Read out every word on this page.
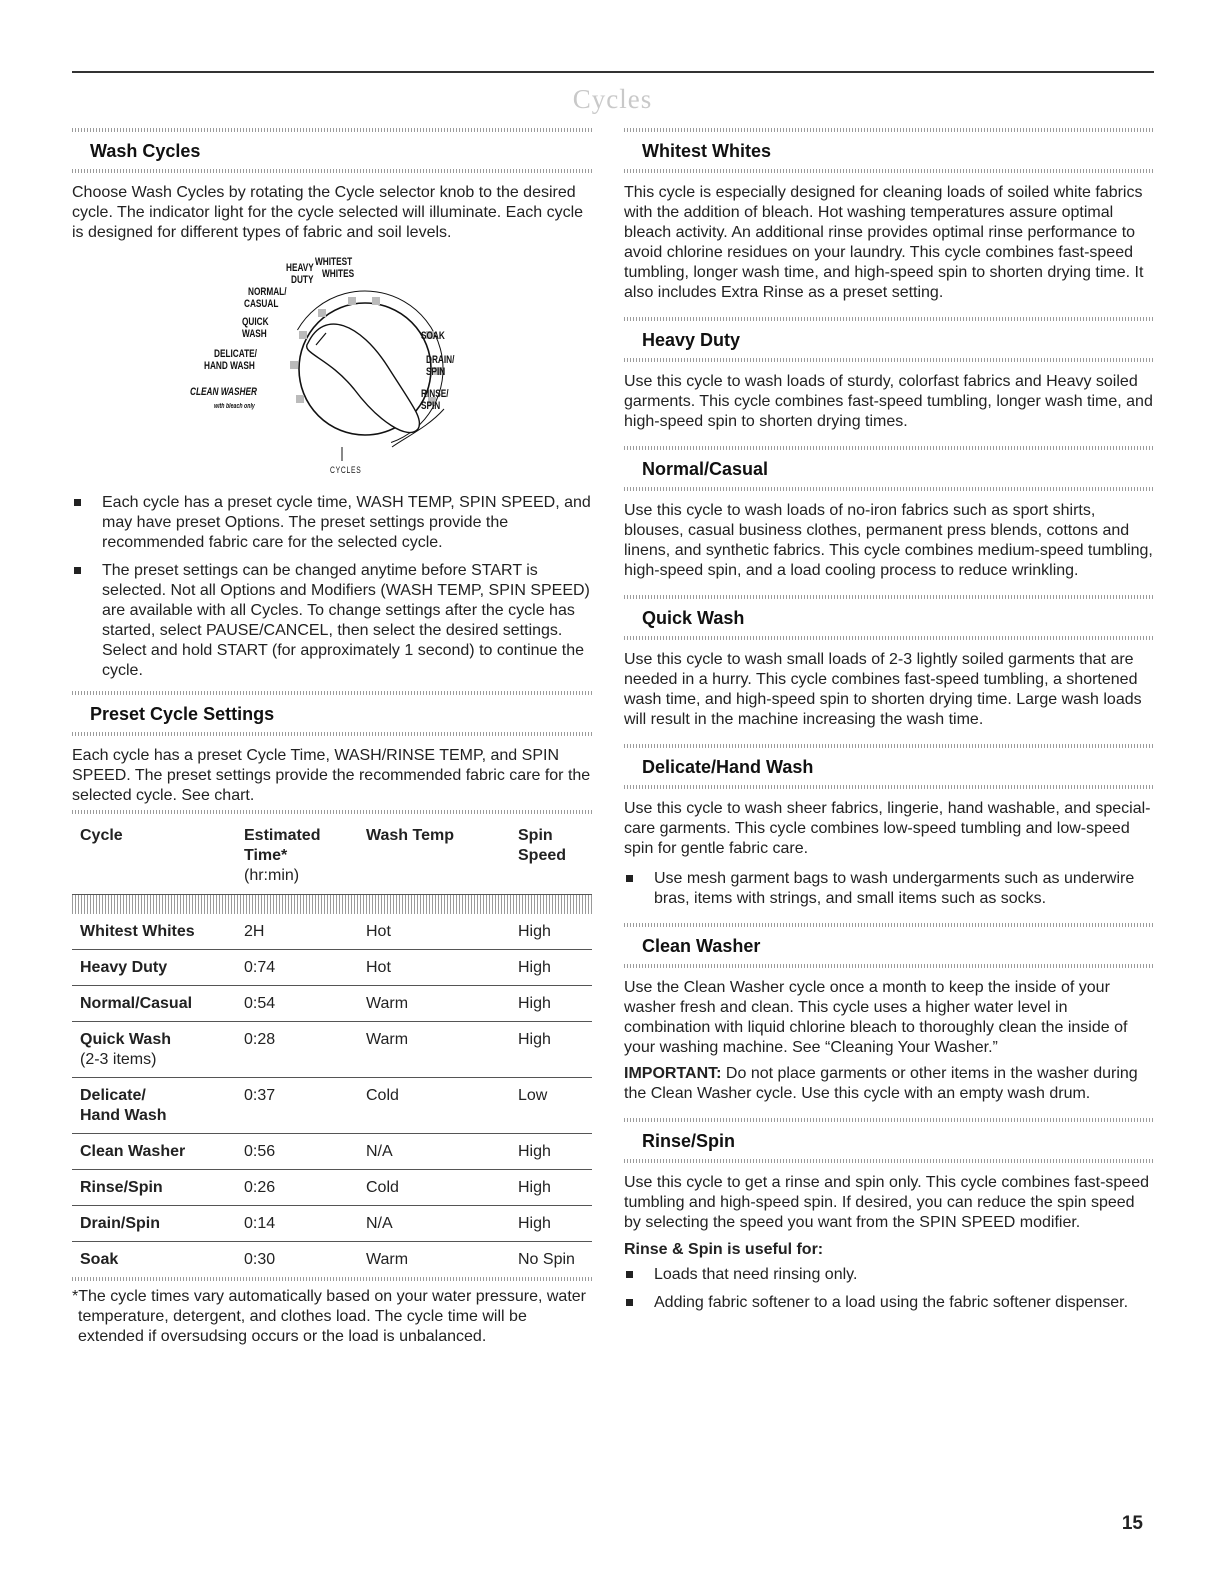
Cycles
Wash Cycles

Choose Wash Cycles by rotating the Cycle selector knob to the desired cycle. The indicator light for the cycle selected will illuminate. Each cycle is designed for different types of fabric and soil levels.

HEAVY
DUTY
WHITEST
WHITES
NORMAL/
CASUAL
QUICK
WASH
DELICATE/
HAND WASH
CLEAN WASHER
with bleach only
SOAK
DRAIN/
SPIN
RINSE/
SPIN
CYCLES
Each cycle has a preset cycle time, WASH TEMP, SPIN SPEED, and may have preset Options. The preset settings provide the recommended fabric care for the selected cycle.
The preset settings can be changed anytime before START is selected. Not all Options and Modifiers (WASH TEMP, SPIN SPEED) are available with all Cycles. To change settings after the cycle has started, select PAUSE/CANCEL, then select the desired settings. Select and hold START (for approximately 1 second) to continue the cycle.
Preset Cycle Settings

Each cycle has a preset Cycle Time, WASH/RINSE TEMP, and SPIN SPEED. The preset settings provide the recommended fabric care for the selected cycle. See chart.

Cycle	Estimated
Time*
(hr:min)	Wash Temp	Spin Speed

Whitest Whites	2H	Hot	High
Heavy Duty	0:74	Hot	High
Normal/Casual	0:54	Warm	High
Quick Wash
(2-3 items)	0:28	Warm	High
Delicate/
Hand Wash	0:37	Cold	Low
Clean Washer	0:56	N/A	High
Rinse/Spin	0:26	Cold	High
Drain/Spin	0:14	N/A	High
Soak	0:30	Warm	No Spin

*The cycle times vary automatically based on your water pressure, water temperature, detergent, and clothes load. The cycle time will be extended if oversudsing occurs or the load is unbalanced.

Whitest Whites

This cycle is especially designed for cleaning loads of soiled white fabrics with the addition of bleach. Hot washing temperatures assure optimal bleach activity. An additional rinse provides optimal rinse performance to avoid chlorine residues on your laundry. This cycle combines fast-speed tumbling, longer wash time, and high-speed spin to shorten drying time. It also includes Extra Rinse as a preset setting.

Heavy Duty

Use this cycle to wash loads of sturdy, colorfast fabrics and Heavy soiled garments. This cycle combines fast-speed tumbling, longer wash time, and high-speed spin to shorten drying times.

Normal/Casual

Use this cycle to wash loads of no-iron fabrics such as sport shirts, blouses, casual business clothes, permanent press blends, cottons and linens, and synthetic fabrics. This cycle combines medium-speed tumbling, high-speed spin, and a load cooling process to reduce wrinkling.

Quick Wash

Use this cycle to wash small loads of 2-3 lightly soiled garments that are needed in a hurry. This cycle combines fast-speed tumbling, a shortened wash time, and high-speed spin to shorten drying time. Large wash loads will result in the machine increasing the wash time.

Delicate/Hand Wash

Use this cycle to wash sheer fabrics, lingerie, hand washable, and special-care garments. This cycle combines low-speed tumbling and low-speed spin for gentle fabric care.

Use mesh garment bags to wash undergarments such as underwire bras, items with strings, and small items such as socks.
Clean Washer

Use the Clean Washer cycle once a month to keep the inside of your washer fresh and clean. This cycle uses a higher water level in combination with liquid chlorine bleach to thoroughly clean the inside of your washing machine. See “Cleaning Your Washer.”

IMPORTANT: Do not place garments or other items in the washer during the Clean Washer cycle. Use this cycle with an empty wash drum.

Rinse/Spin

Use this cycle to get a rinse and spin only. This cycle combines fast-speed tumbling and high-speed spin. If desired, you can reduce the spin speed by selecting the speed you want from the SPIN SPEED modifier.

Rinse & Spin is useful for:
Loads that need rinsing only.
Adding fabric softener to a load using the fabric softener dispenser.
15
